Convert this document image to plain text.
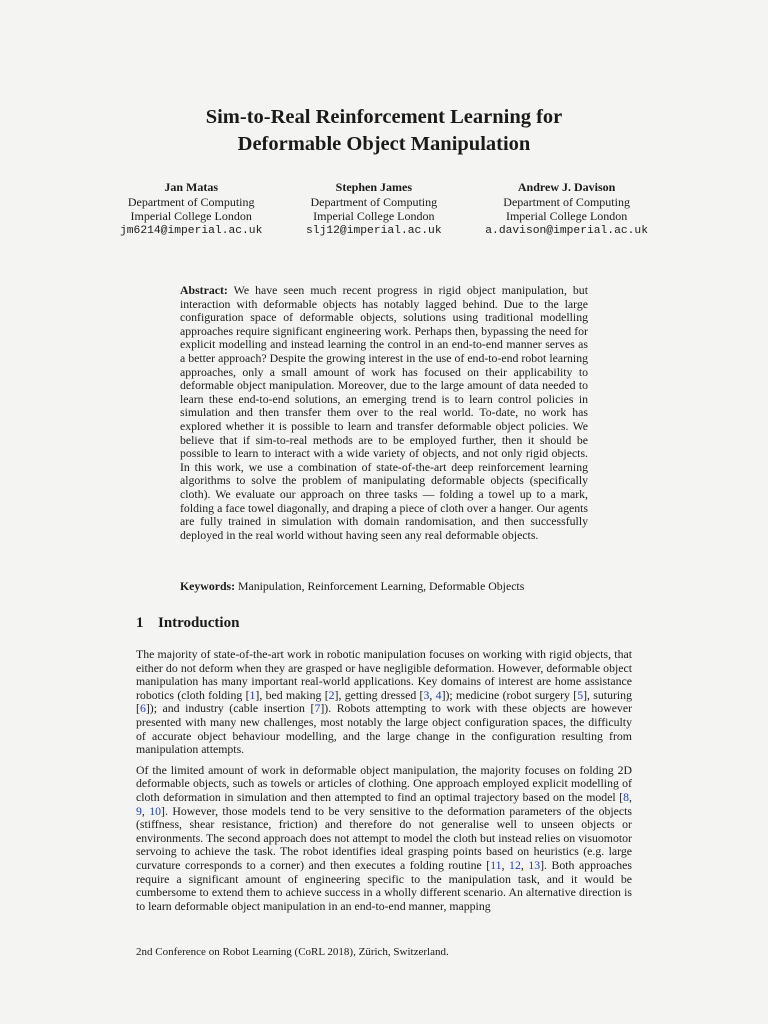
Sim-to-Real Reinforcement Learning for
Deformable Object Manipulation
Jan Matas
Department of Computing
Imperial College London
jm6214@imperial.ac.uk
Stephen James
Department of Computing
Imperial College London
slj12@imperial.ac.uk
Andrew J. Davison
Department of Computing
Imperial College London
a.davison@imperial.ac.uk
Abstract: We have seen much recent progress in rigid object manipulation, but interaction with deformable objects has notably lagged behind. Due to the large configuration space of deformable objects, solutions using traditional modelling approaches require significant engineering work. Perhaps then, bypassing the need for explicit modelling and instead learning the control in an end-to-end manner serves as a better approach? Despite the growing interest in the use of end-to-end robot learning approaches, only a small amount of work has focused on their applicability to deformable object manipulation. Moreover, due to the large amount of data needed to learn these end-to-end solutions, an emerging trend is to learn control policies in simulation and then transfer them over to the real world. To-date, no work has explored whether it is possible to learn and transfer deformable object policies. We believe that if sim-to-real methods are to be employed further, then it should be possible to learn to interact with a wide variety of objects, and not only rigid objects. In this work, we use a combination of state-of-the-art deep reinforcement learning algorithms to solve the problem of manipulating deformable objects (specifically cloth). We evaluate our approach on three tasks — folding a towel up to a mark, folding a face towel diagonally, and draping a piece of cloth over a hanger. Our agents are fully trained in simulation with domain randomisation, and then successfully deployed in the real world without having seen any real deformable objects.
Keywords: Manipulation, Reinforcement Learning, Deformable Objects
1 Introduction

The majority of state-of-the-art work in robotic manipulation focuses on working with rigid objects, that either do not deform when they are grasped or have negligible deformation. However, deformable object manipulation has many important real-world applications. Key domains of interest are home assistance robotics (cloth folding [1], bed making [2], getting dressed [3, 4]); medicine (robot surgery [5], suturing [6]); and industry (cable insertion [7]). Robots attempting to work with these objects are however presented with many new challenges, most notably the large object configuration spaces, the difficulty of accurate object behaviour modelling, and the large change in the configuration resulting from manipulation attempts.

Of the limited amount of work in deformable object manipulation, the majority focuses on folding 2D deformable objects, such as towels or articles of clothing. One approach employed explicit modelling of cloth deformation in simulation and then attempted to find an optimal trajectory based on the model [8, 9, 10]. However, those models tend to be very sensitive to the deformation parameters of the objects (stiffness, shear resistance, friction) and therefore do not generalise well to unseen objects or environments. The second approach does not attempt to model the cloth but instead relies on visuomotor servoing to achieve the task. The robot identifies ideal grasping points based on heuristics (e.g. large curvature corresponds to a corner) and then executes a folding routine [11, 12, 13]. Both approaches require a significant amount of engineering specific to the manipulation task, and it would be cumbersome to extend them to achieve success in a wholly different scenario. An alternative direction is to learn deformable object manipulation in an end-to-end manner, mapping

2nd Conference on Robot Learning (CoRL 2018), Zürich, Switzerland.
